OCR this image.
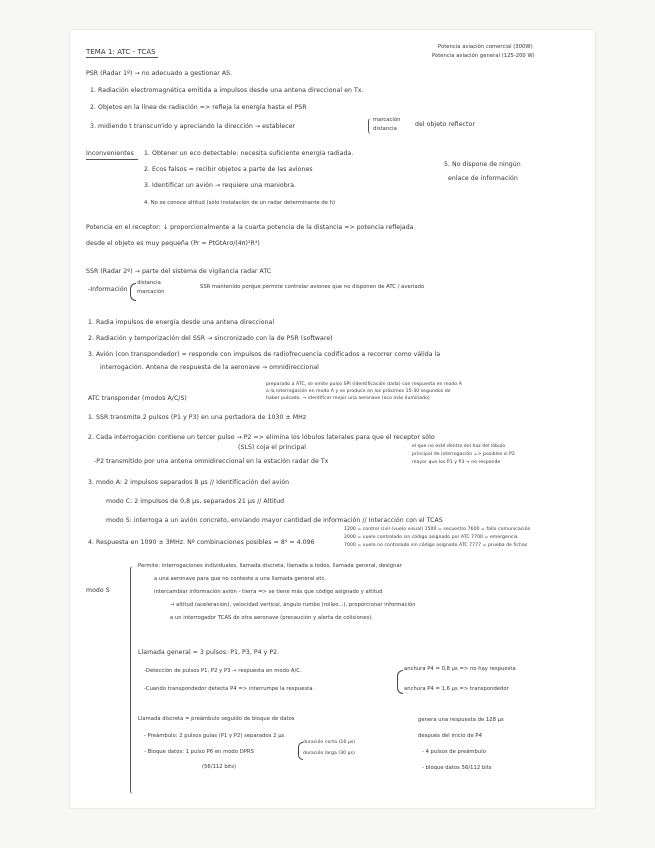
TEMA 1: ATC - TCAS
Potencia aviación comercial (300W)
Potencia aviación general (125-200 W)
PSR (Radar 1º) → no adecuado a gestionar AS.
1. Radiación electromagnética emitida a impulsos desde una antena direccional en Tx.
2. Objetos en la línea de radiación => refleja la energía hasta el PSR
3. midiendo t transcurrido y apreciando la dirección → establecer
marcación
distancia
del objeto reflector
Inconvenientes 1. Obtener un eco detectable: necesita suficiente energía radiada.
2. Ecos falsos = recibir objetos a parte de las aviones
3. Identificar un avión → requiere una maniobra.
4. No se conoce altitud (sólo instalación de un radar determinante de h)
5. No dispone de ningún
enlace de información
Potencia en el receptor: ↓ proporcionalmente a la cuarta potencia de la distancia => potencia reflejada
desde el objeto es muy pequeña (Pr = PtGtArσ/(4π)²R⁴)
SSR (Radar 2º) → parte del sistema de vigilancia radar ATC
-Información
distancia
marcación
SSR mantenido porque permite controlar aviones que no disponen de ATC / averiado
1. Radia impulsos de energía desde una antena direccional
2. Radiación y temporización del SSR → sincronizado con la de PSR (software)
3. Avión (con transpondedor) = responde con impulsos de radiofrecuencia codificados a recorrer como válida la
interrogación. Antena de respuesta de la aeronave → omnidireccional
ATC transponder (modos A/C/S)
preparado a ATC, se emite pulso SPI (identificación dada) con respuesta en modo A
a la interrogación en modo A y se produce en los próximos 15-30 segundos de
haber pulsado. → identificar mejor una aeronave (eco más iluminado)
1. SSR transmite 2 pulsos (P1 y P3) en una portadora de 1030 ± MHz
2. Cada interrogación contiene un tercer pulso → P2 => elimina los lóbulos laterales para que el receptor sólo
(SLS) coja el principal	el que no esté dentro del haz del lóbulo
principal de interrogación => posibles si P2
mayor que los P1 y P3 → no responde
-P2 transmitido por una antena omnidireccional en la estación radar de Tx
3. modo A: 2 impulsos separados 8 µs // Identificación del avión
modo C: 2 impulsos de 0,8 µs, separados 21 µs // Altitud
modo S: interroga a un avión concreto, enviando mayor cantidad de información // Interacción con el TCAS
4. Respuesta en 1090 ± 3MHz. Nº combinaciones posibles = 8⁴ = 4.096
1200 = control civil (vuelo visual) 1500 = secuestro 7600 = fallo comunicación
2000 = vuelo controlado sin código asignado por ATC 7700 = emergencia
7000 = vuelo no controlado sin código asignado ATC 7777 = prueba de fichas
modo S
Permite: interrogaciones individuales, llamada discreta, llamada a todos, llamada general, designar
a una aeronave para que no conteste a una llamada general etc.
intercambiar información avión - tierra => se tiene más que código asignado y altitud
→ altitud (aceleración), velocidad vertical, ángulo rumbo (rolleo...), proporcionar información
a un interrogador TCAS de otra aeronave (precaución y alerta de colisiones).
Llamada general = 3 pulsos: P1, P3, P4 y P2.
-Detección de pulsos P1, P2 y P3 → respuesta en modo A/C.
-Cuando transpondedor detecta P4 => interrumpe la respuesta.
anchura P4 = 0,8 µs => no hay respuesta
anchura P4 = 1,6 µs => transpondedor
Llamada discreta = preámbulo seguido de bloque de datos	genera una respuesta de 128 µs
- Preámbulo: 2 pulsos guías (P1 y P2) separados 2 µs	después del inicio de P4
- Bloque datos: 1 pulso P6 en modo DPRS
duración corta (16 µs)
duración larga (30 µs)	- 4 pulsos de preámbulo
(56/112 bits)	- bloque datos 56/112 bits
